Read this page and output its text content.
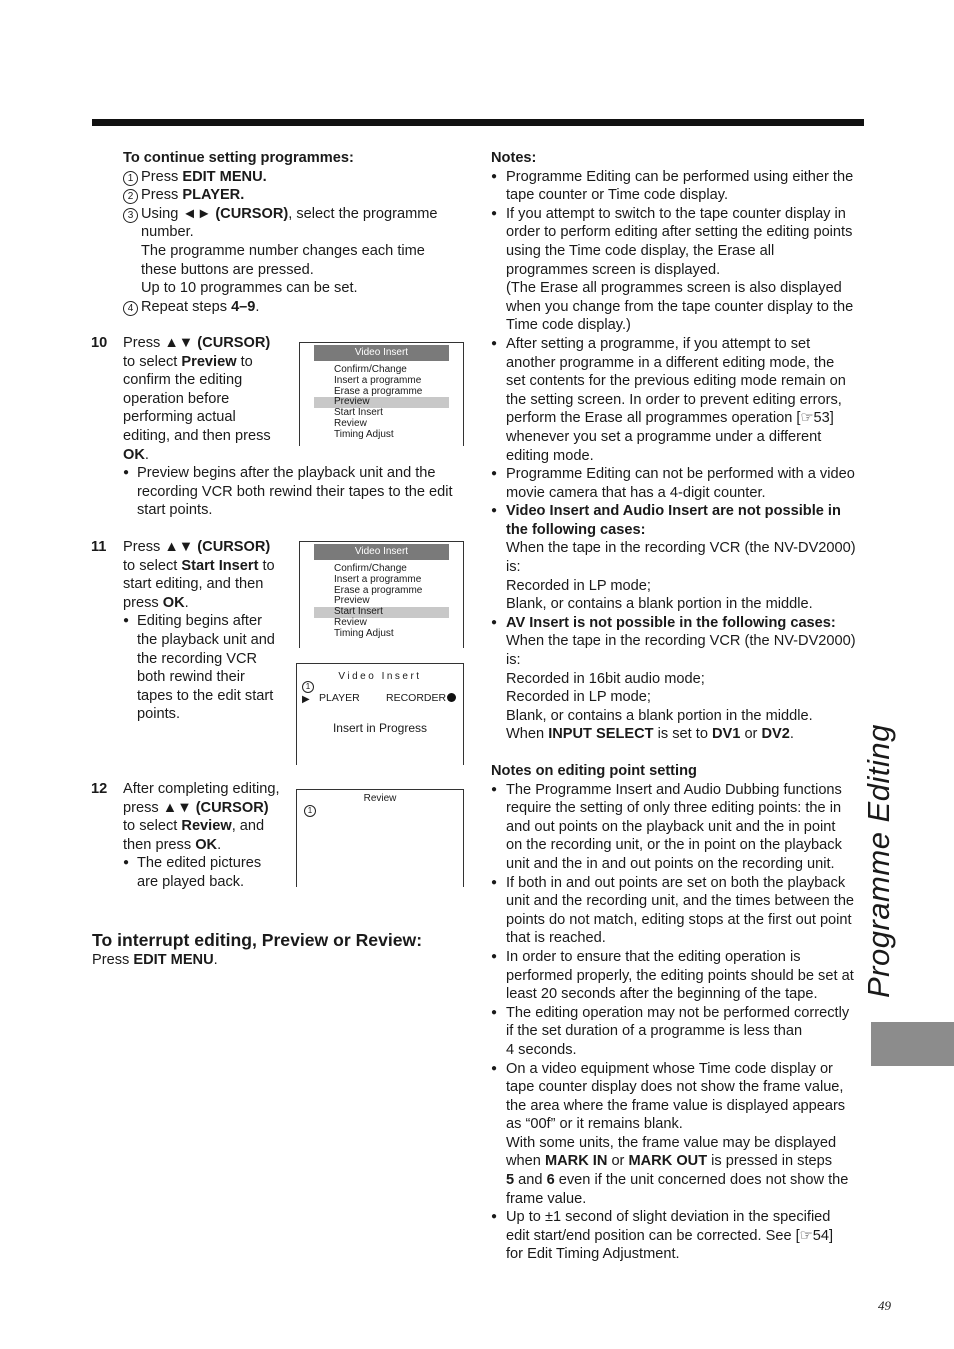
To continue setting programmes:
1 Press EDIT MENU.
2 Press PLAYER.
3 Using ◄► (CURSOR), select the programme
number.
The programme number changes each time
these buttons are pressed.
Up to 10 programmes can be set.
4 Repeat steps 4–9.
10 Press ▲▼ (CURSOR)
to select Preview to
confirm the editing
operation before
performing actual
editing, and then press
OK.
● Preview begins after the playback unit and the
recording VCR both rewind their tapes to the edit
start points.
Video Insert
Confirm/Change
Insert a programme
Erase a programme
Preview
Start Insert
Review
Timing Adjust
11 Press ▲▼ (CURSOR)
to select Start Insert to
start editing, and then
press OK.
● Editing begins after
the playback unit and
the recording VCR
both rewind their
tapes to the edit start
points.
Video Insert
Confirm/Change
Insert a programme
Erase a programme
Preview
Start Insert
Review
Timing Adjust
Video Insert
1
▶ PLAYER	RECORDER
Insert in Progress
12 After completing editing,
press ▲▼ (CURSOR)
to select Review, and
then press OK.
● The edited pictures
are played back.
Review
1
To interrupt editing, Preview or Review:
Press EDIT MENU.
Notes:
● Programme Editing can be performed using either the
tape counter or Time code display.
● If you attempt to switch to the tape counter display in
order to perform editing after setting the editing points
using the Time code display, the Erase all
programmes screen is displayed.
(The Erase all programmes screen is also displayed
when you change from the tape counter display to the
Time code display.)
● After setting a programme, if you attempt to set
another programme in a different editing mode, the
set contents for the previous editing mode remain on
the setting screen. In order to prevent editing errors,
perform the Erase all programmes operation [☞53]
whenever you set a programme under a different
editing mode.
● Programme Editing can not be performed with a video
movie camera that has a 4-digit counter.
● Video Insert and Audio Insert are not possible in
the following cases:
When the tape in the recording VCR (the NV-DV2000)
is:
Recorded in LP mode;
Blank, or contains a blank portion in the middle.
● AV Insert is not possible in the following cases:
When the tape in the recording VCR (the NV-DV2000)
is:
Recorded in 16bit audio mode;
Recorded in LP mode;
Blank, or contains a blank portion in the middle.
When INPUT SELECT is set to DV1 or DV2.
Notes on editing point setting
● The Programme Insert and Audio Dubbing functions
require the setting of only three editing points: the in
and out points on the playback unit and the in point
on the recording unit, or the in point on the playback
unit and the in and out points on the recording unit.
● If both in and out points are set on both the playback
unit and the recording unit, and the times between the
points do not match, editing stops at the first out point
that is reached.
● In order to ensure that the editing operation is
performed properly, the editing points should be set at
least 20 seconds after the beginning of the tape.
● The editing operation may not be performed correctly
if the set duration of a programme is less than
4 seconds.
● On a video equipment whose Time code display or
tape counter display does not show the frame value,
the area where the frame value is displayed appears
as “00f” or it remains blank.
With some units, the frame value may be displayed
when MARK IN or MARK OUT is pressed in steps
5 and 6 even if the unit concerned does not show the
frame value.
● Up to ±1 second of slight deviation in the specified
edit start/end position can be corrected. See [☞54]
for Edit Timing Adjustment.
Programme Editing
49
